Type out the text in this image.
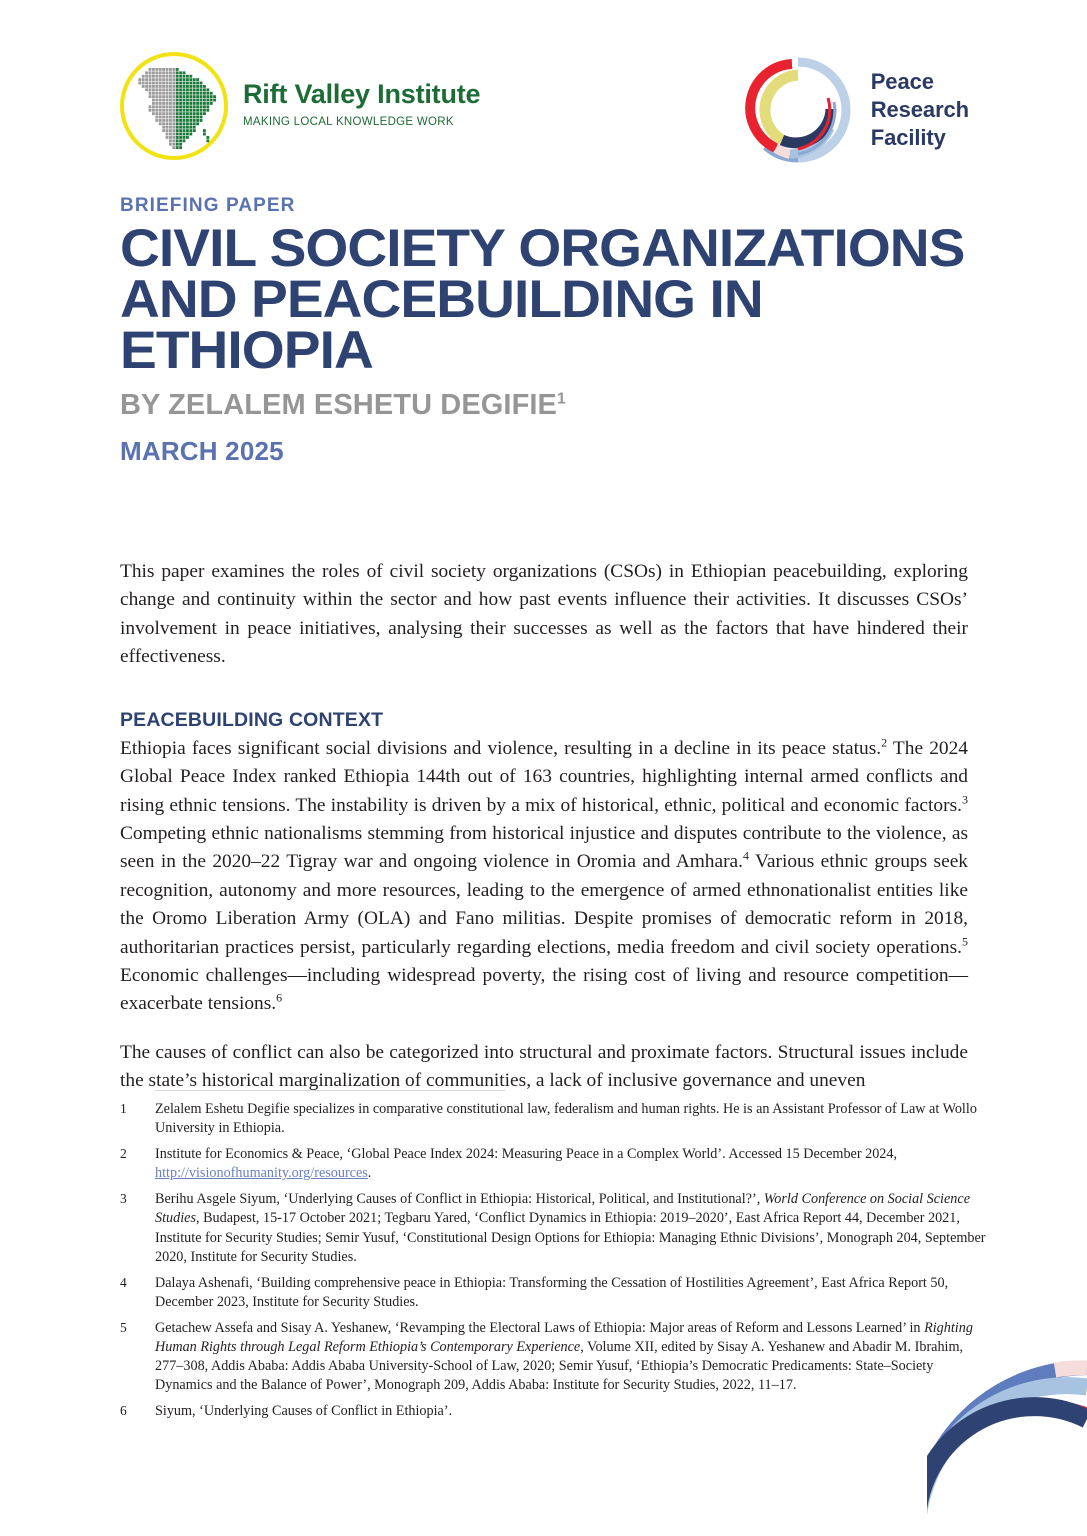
Rift Valley Institute
MAKING LOCAL KNOWLEDGE WORK
Peace
Research
Facility
BRIEFING PAPER
CIVIL SOCIETY ORGANIZATIONS
AND PEACEBUILDING IN ETHIOPIA
BY ZELALEM ESHETU DEGIFIE$^1$
MARCH 2025

This paper examines the roles of civil society organizations (CSOs) in Ethiopian peacebuilding, exploring change and continuity within the sector and how past events influence their activities. It discusses CSOs’ involvement in peace initiatives, analysing their successes as well as the factors that have hindered their effectiveness.

PEACEBUILDING CONTEXT

Ethiopia faces significant social divisions and violence, resulting in a decline in its peace status.$^2$ The 2024 Global Peace Index ranked Ethiopia 144th out of 163 countries, highlighting internal armed conflicts and rising ethnic tensions. The instability is driven by a mix of historical, ethnic, political and economic factors.$^3$ Competing ethnic nationalisms stemming from historical injustice and disputes contribute to the violence, as seen in the 2020–22 Tigray war and ongoing violence in Oromia and Amhara.$^4$ Various ethnic groups seek recognition, autonomy and more resources, leading to the emergence of armed ethnonationalist entities like the Oromo Liberation Army (OLA) and Fano militias. Despite promises of democratic reform in 2018, authoritarian practices persist, particularly regarding elections, media freedom and civil society operations.$^5$ Economic challenges—including widespread poverty, the rising cost of living and resource competition—exacerbate tensions.$^6$

The causes of conflict can also be categorized into structural and proximate factors. Structural issues include the state’s historical marginalization of communities, a lack of inclusive governance and uneven

1	Zelalem Eshetu Degifie specializes in comparative constitutional law, federalism and human rights. He is an Assistant Professor of Law at Wollo University in Ethiopia.
2	Institute for Economics & Peace, ‘Global Peace Index 2024: Measuring Peace in a Complex World’. Accessed 15 December 2024, http://visionofhumanity.org/resources.
3	Berihu Asgele Siyum, ‘Underlying Causes of Conflict in Ethiopia: Historical, Political, and Institutional?’, World Conference on Social Science Studies, Budapest, 15-17 October 2021; Tegbaru Yared, ‘Conflict Dynamics in Ethiopia: 2019–2020’, East Africa Report 44, December 2021, Institute for Security Studies; Semir Yusuf, ‘Constitutional Design Options for Ethiopia: Managing Ethnic Divisions’, Monograph 204, September 2020, Institute for Security Studies.
4	Dalaya Ashenafi, ‘Building comprehensive peace in Ethiopia: Transforming the Cessation of Hostilities Agreement’, East Africa Report 50, December 2023, Institute for Security Studies.
5	Getachew Assefa and Sisay A. Yeshanew, ‘Revamping the Electoral Laws of Ethiopia: Major areas of Reform and Lessons Learned’ in Righting Human Rights through Legal Reform Ethiopia’s Contemporary Experience, Volume XII, edited by Sisay A. Yeshanew and Abadir M. Ibrahim, 277–308, Addis Ababa: Addis Ababa University-School of Law, 2020; Semir Yusuf, ‘Ethiopia’s Democratic Predicaments: State–Society Dynamics and the Balance of Power’, Monograph 209, Addis Ababa: Institute for Security Studies, 2022, 11–17.
6	Siyum, ‘Underlying Causes of Conflict in Ethiopia’.
